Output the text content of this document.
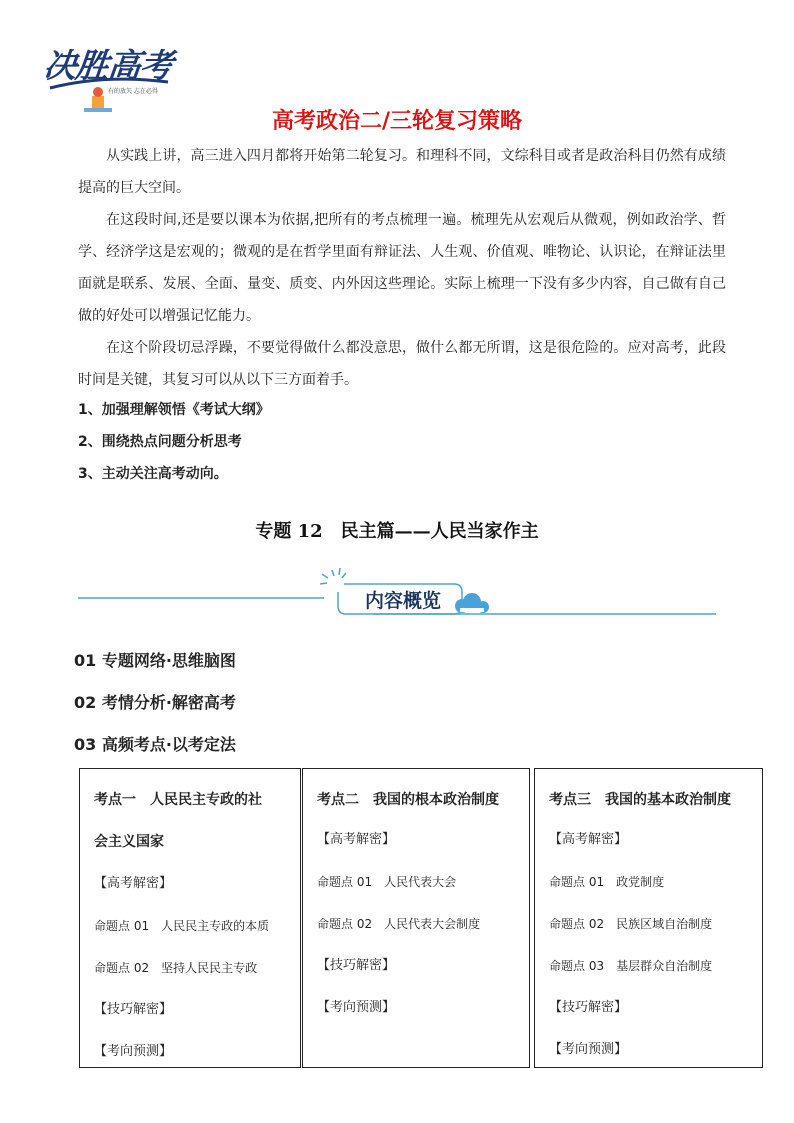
决胜高考
有的放矢 志在必得
高考政治二/三轮复习策略

从实践上讲，高三进入四月都将开始第二轮复习。和理科不同，文综科目或者是政治科目仍然有成绩提高的巨大空间。

在这段时间,还是要以课本为依据,把所有的考点梳理一遍。梳理先从宏观后从微观，例如政治学、哲学、经济学这是宏观的；微观的是在哲学里面有辩证法、人生观、价值观、唯物论、认识论，在辩证法里面就是联系、发展、全面、量变、质变、内外因这些理论。实际上梳理一下没有多少内容，自己做有自己做的好处可以增强记忆能力。

在这个阶段切忌浮躁，不要觉得做什么都没意思，做什么都无所谓，这是很危险的。应对高考，此段时间是关键，其复习可以从以下三方面着手。

1、加强理解领悟《考试大纲》
2、围绕热点问题分析思考
3、主动关注高考动向。
专题 12　民主篇——人民当家作主
内容概览
01 专题网络·思维脑图
02 考情分析·解密高考
03 高频考点·以考定法
考点一　人民民主专政的社
会主义国家
【高考解密】
命题点 01　人民民主专政的本质
命题点 02　坚持人民民主专政
【技巧解密】
【考向预测】
考点二　我国的根本政治制度
【高考解密】
命题点 01　人民代表大会
命题点 02　人民代表大会制度
【技巧解密】
【考向预测】
考点三　我国的基本政治制度
【高考解密】
命题点 01　政党制度
命题点 02　民族区域自治制度
命题点 03　基层群众自治制度
【技巧解密】
【考向预测】
